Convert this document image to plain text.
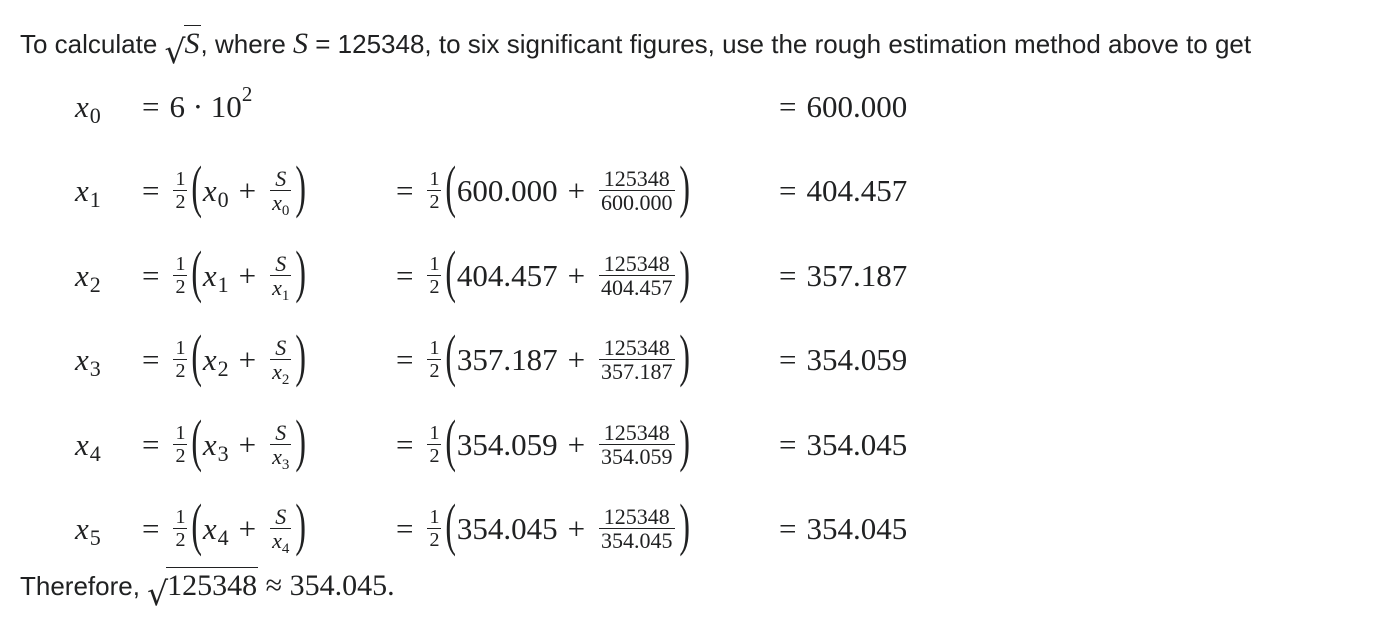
To calculate √
S, where S = 125348, to six significant figures, use the rough estimation method above to get
x 0 = 6 · 10 2	= 600.000
x $1 = \frac{1}{2}$ ( x $0 + \frac{S}{x_0}$ )	= $\frac{1}{2}$ ( $600.000 + \frac{125348}{600.000}$ )	= 404.457
x $2 = \frac{1}{2}$ ( x $1 + \frac{S}{x_1}$ )	= $\frac{1}{2}$ ( $404.457 + \frac{125348}{404.457}$ )	= 357.187
x $3 = \frac{1}{2}$ ( x $2 + \frac{S}{x_2}$ )	= $\frac{1}{2}$ ( $357.187 + \frac{125348}{357.187}$ )	= 354.059
x $4 = \frac{1}{2}$ ( x $3 + \frac{S}{x_3}$ )	= $\frac{1}{2}$ ( $354.059 + \frac{125348}{354.059}$ )	= 354.045
x $5 = \frac{1}{2}$ ( x $4 + \frac{S}{x_4}$ )	= $\frac{1}{2}$ ( $354.045 + \frac{125348}{354.045}$ )	= 354.045
Therefore, √
125348 ≈ 354.045.
